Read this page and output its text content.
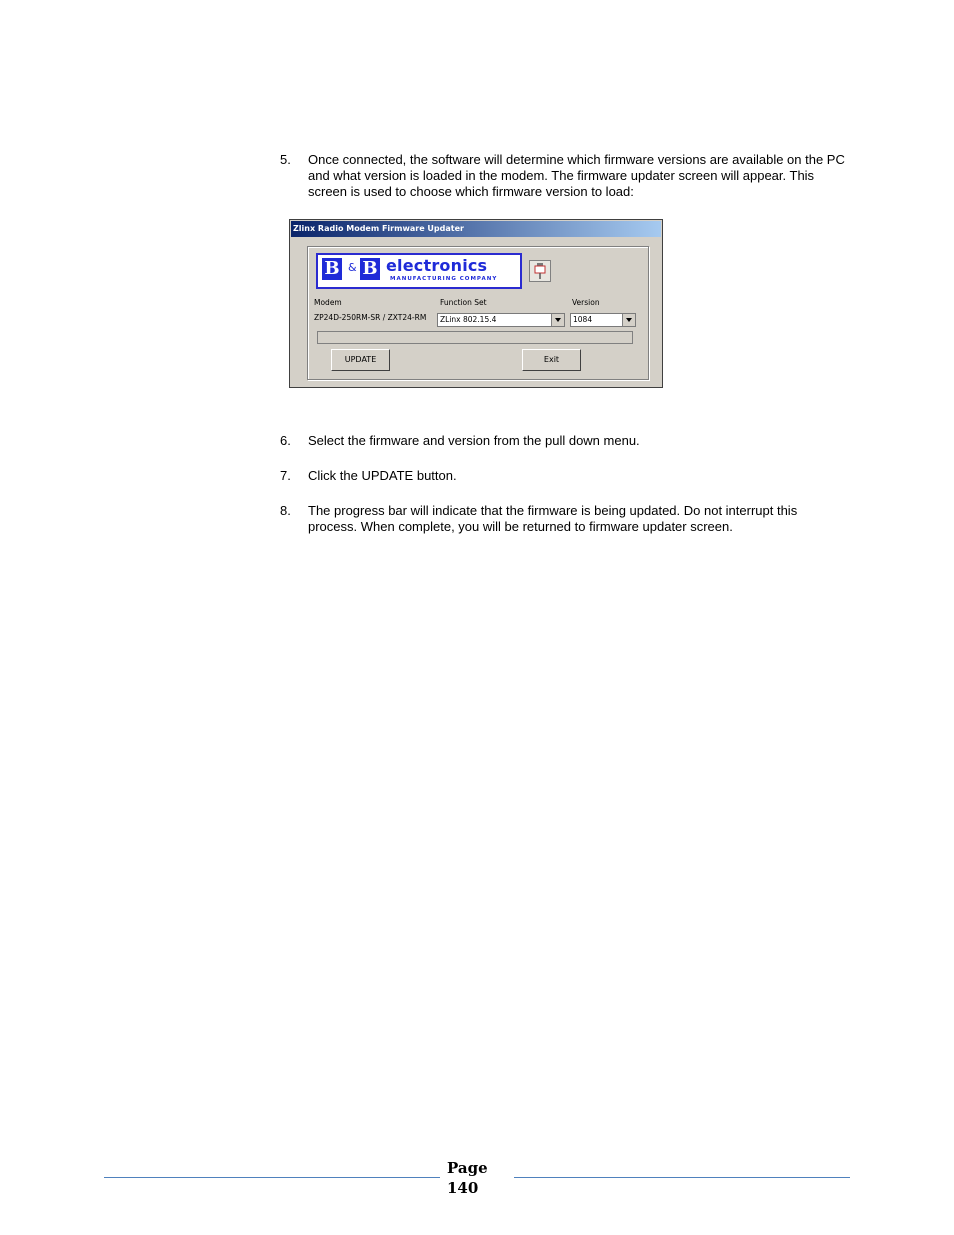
5. Once connected, the software will determine which firmware versions are available on the PC and what version is loaded in the modem. The firmware updater screen will appear. This screen is used to choose which firmware version to load:
Zlinx Radio Modem Firmware Updater
B & B electronics
MANUFACTURING COMPANY
Modem	Function Set	Version
ZP24D-250RM-SR / ZXT24-RM	ZLinx 802.15.4	1084
UPDATE	Exit
6. Select the firmware and version from the pull down menu.
7. Click the UPDATE button.
8. The progress bar will indicate that the firmware is being updated. Do not interrupt this process. When complete, you will be returned to firmware updater screen.
Page
140
